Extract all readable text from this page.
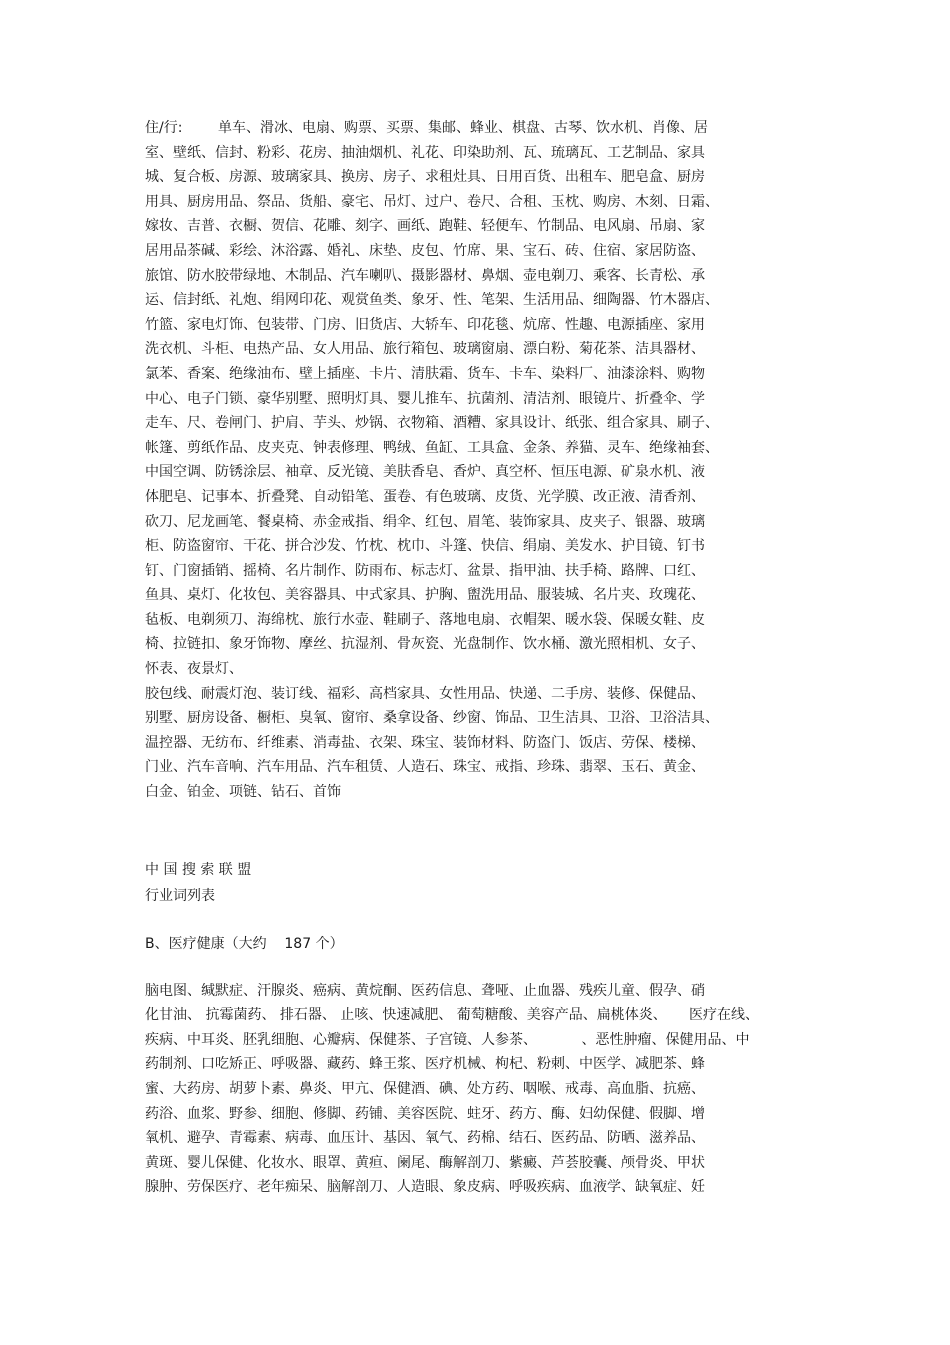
住/行:        单车、滑冰、电扇、购票、买票、集邮、蜂业、棋盘、古琴、饮水机、肖像、居

室、壁纸、信封、粉彩、花房、抽油烟机、礼花、印染助剂、瓦、琉璃瓦、工艺制品、家具

城、复合板、房源、玻璃家具、换房、房子、求租灶具、日用百货、出租车、肥皂盒、厨房

用具、厨房用品、祭品、货船、豪宅、吊灯、过户、卷尺、合租、玉枕、购房、木刻、日霜、

嫁妆、吉普、衣橱、贺信、花雕、刻字、画纸、跑鞋、轻便车、竹制品、电风扇、吊扇、家

居用品茶碱、彩绘、沐浴露、婚礼、床垫、皮包、竹席、果、宝石、砖、住宿、家居防盗、

旅馆、防水胶带绿地、木制品、汽车喇叭、摄影器材、鼻烟、壶电剃刀、乘客、长青松、承

运、信封纸、礼炮、绢网印花、观赏鱼类、象牙、性、笔架、生活用品、细陶器、竹木器店、

竹篮、家电灯饰、包装带、门房、旧货店、大轿车、印花毯、炕席、性趣、电源插座、家用

洗衣机、斗柜、电热产品、女人用品、旅行箱包、玻璃窗扇、漂白粉、菊花茶、洁具器材、

氯苯、香案、绝缘油布、壁上插座、卡片、清肤霜、货车、卡车、染料厂、油漆涂料、购物

中心、电子门锁、豪华别墅、照明灯具、婴儿推车、抗菌剂、清洁剂、眼镜片、折叠伞、学

走车、尺、卷闸门、护肩、芋头、炒锅、衣物箱、酒糟、家具设计、纸张、组合家具、刷子、

帐篷、剪纸作品、皮夹克、钟表修理、鸭绒、鱼缸、工具盒、金条、养猫、灵车、绝缘袖套、

中国空调、防锈涂层、袖章、反光镜、美肤香皂、香炉、真空杯、恒压电源、矿泉水机、液

体肥皂、记事本、折叠凳、自动铅笔、蛋卷、有色玻璃、皮货、光学膜、改正液、清香剂、

砍刀、尼龙画笔、餐桌椅、赤金戒指、绢伞、红包、眉笔、装饰家具、皮夹子、银器、玻璃

柜、防盗窗帘、干花、拼合沙发、竹枕、枕巾、斗篷、快信、绢扇、美发水、护目镜、钉书

钉、门窗插销、摇椅、名片制作、防雨布、标志灯、盆景、指甲油、扶手椅、路牌、口红、

鱼具、桌灯、化妆包、美容器具、中式家具、护胸、盥洗用品、服装城、名片夹、玫瑰花、

毡板、电剃须刀、海绵枕、旅行水壶、鞋刷子、落地电扇、衣帽架、暖水袋、保暖女鞋、皮

椅、拉链扣、象牙饰物、摩丝、抗湿剂、骨灰瓷、光盘制作、饮水桶、激光照相机、女子、

怀表、夜景灯、

胶包线、耐震灯泡、装订线、福彩、高档家具、女性用品、快递、二手房、装修、保健品、

别墅、厨房设备、橱柜、臭氧、窗帘、桑拿设备、纱窗、饰品、卫生洁具、卫浴、卫浴洁具、

温控器、无纺布、纤维素、消毒盐、衣架、珠宝、装饰材料、防盗门、饭店、劳保、楼梯、

门业、汽车音响、汽车用品、汽车租赁、人造石、珠宝、戒指、珍珠、翡翠、玉石、黄金、

白金、铂金、项链、钻石、首饰

中 国 搜 索 联 盟
行业词列表
B、医疗健康（大约    187 个）

脑电图、缄默症、汗腺炎、癌病、黄烷酮、医药信息、聋哑、止血器、残疾儿童、假孕、硝

化甘油、 抗霉菌药、 排石器、 止咳、快速减肥、 葡萄糖酸、美容产品、扁桃体炎、     医疗在线、

疾病、中耳炎、胚乳细胞、心瓣病、保健茶、子宫镜、人参茶、          、恶性肿瘤、保健用品、中

药制剂、口吃矫正、呼吸器、藏药、蜂王浆、医疗机械、枸杞、粉刺、中医学、减肥茶、蜂

蜜、大药房、胡萝卜素、鼻炎、甲亢、保健酒、碘、处方药、咽喉、戒毒、高血脂、抗癌、

药浴、血浆、野参、细胞、修脚、药铺、美容医院、蛀牙、药方、酶、妇幼保健、假脚、增

氧机、避孕、青霉素、病毒、血压计、基因、氧气、药棉、结石、医药品、防晒、滋养品、

黄斑、婴儿保健、化妆水、眼罩、黄疸、阑尾、酶解剖刀、紫癜、芦荟胶囊、颅骨炎、甲状

腺肿、劳保医疗、老年痴呆、脑解剖刀、人造眼、象皮病、呼吸疾病、血液学、缺氧症、妊
